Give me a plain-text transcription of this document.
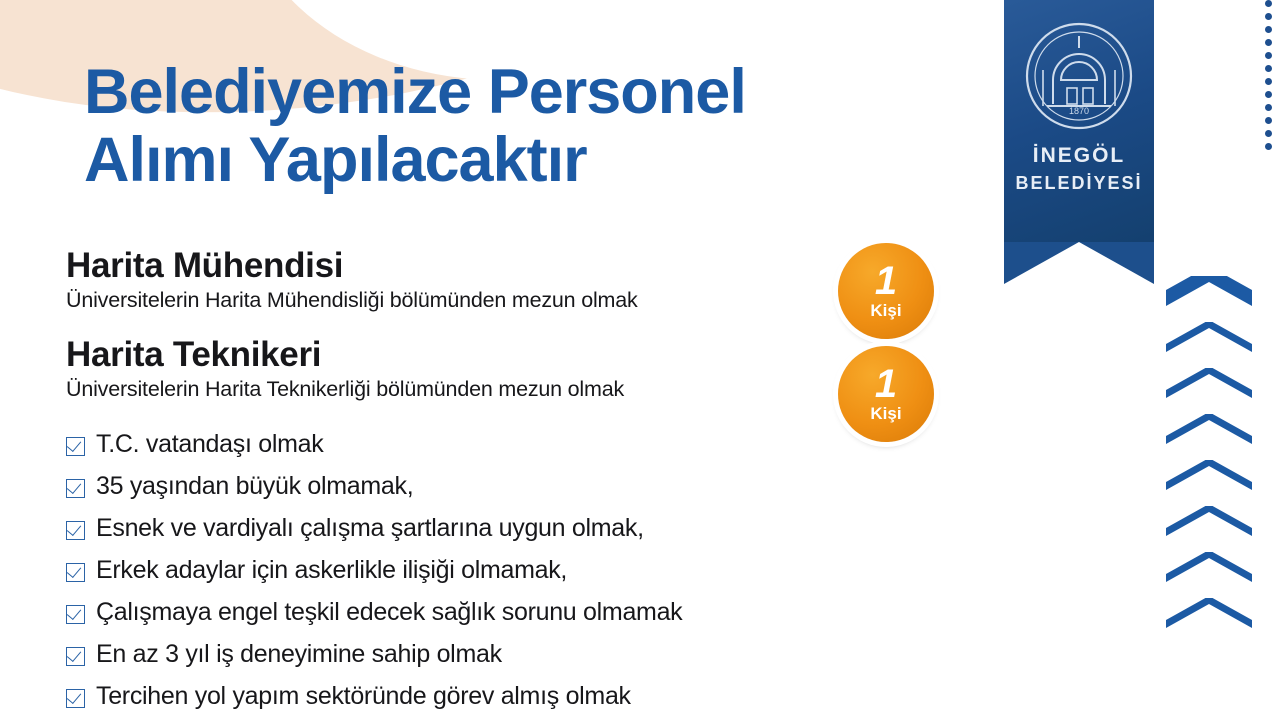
1870
İNEGÖL
BELEDİYESİ
Belediyemize Personel
Alımı Yapılacaktır
Harita Mühendisi
Üniversitelerin Harita Mühendisliği bölümünden mezun olmak
Harita Teknikeri
Üniversitelerin Harita Teknikerliği bölümünden mezun olmak
1
Kişi
1
Kişi
T.C. vatandaşı olmak
35 yaşından büyük olmamak,
Esnek ve vardiyalı çalışma şartlarına uygun olmak,
Erkek adaylar için askerlikle ilişiği olmamak,
Çalışmaya engel teşkil edecek sağlık sorunu olmamak
En az 3 yıl iş deneyimine sahip olmak
Tercihen yol yapım sektöründe görev almış olmak
